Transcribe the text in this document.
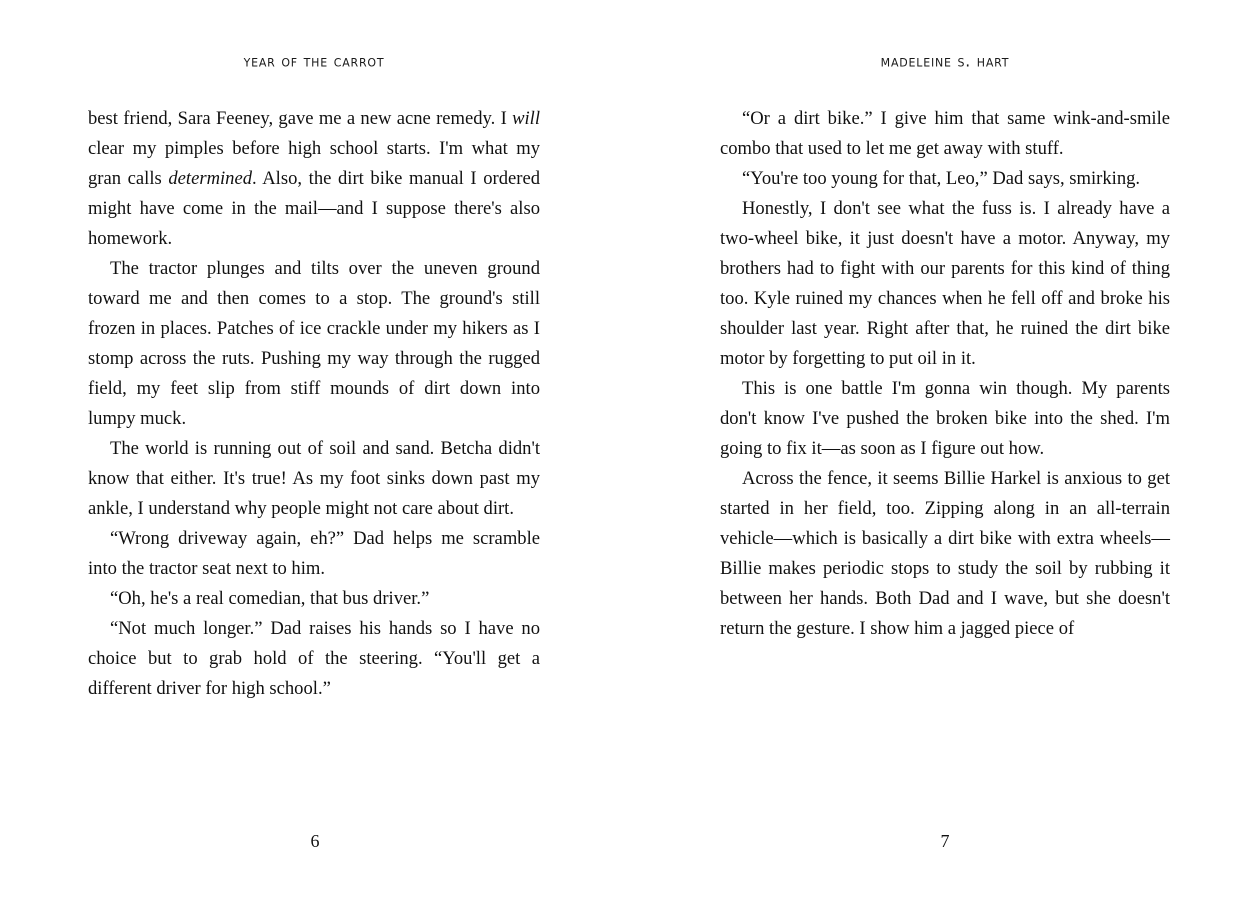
year of the carrot

best friend, Sara Feeney, gave me a new acne remedy. I will clear my pimples before high school starts. I'm what my gran calls determined. Also, the dirt bike manual I ordered might have come in the mail—and I suppose there's also homework.

The tractor plunges and tilts over the uneven ground toward me and then comes to a stop. The ground's still frozen in places. Patches of ice crackle under my hikers as I stomp across the ruts. Pushing my way through the rugged field, my feet slip from stiff mounds of dirt down into lumpy muck.

The world is running out of soil and sand. Betcha didn't know that either. It's true! As my foot sinks down past my ankle, I understand why people might not care about dirt.

“Wrong driveway again, eh?” Dad helps me scramble into the tractor seat next to him.

“Oh, he's a real comedian, that bus driver.”

“Not much longer.” Dad raises his hands so I have no choice but to grab hold of the steering. “You'll get a different driver for high school.”

6
madeleine s. hart

“Or a dirt bike.” I give him that same wink-and-smile combo that used to let me get away with stuff.

“You're too young for that, Leo,” Dad says, smirking.

Honestly, I don't see what the fuss is. I already have a two-wheel bike, it just doesn't have a motor. Anyway, my brothers had to fight with our parents for this kind of thing too. Kyle ruined my chances when he fell off and broke his shoulder last year. Right after that, he ruined the dirt bike motor by forgetting to put oil in it.

This is one battle I'm gonna win though. My parents don't know I've pushed the broken bike into the shed. I'm going to fix it—as soon as I figure out how.

Across the fence, it seems Billie Harkel is anxious to get started in her field, too. Zipping along in an all-terrain vehicle—which is basically a dirt bike with extra wheels—Billie makes periodic stops to study the soil by rubbing it between her hands. Both Dad and I wave, but she doesn't return the gesture. I show him a jagged piece of

7
